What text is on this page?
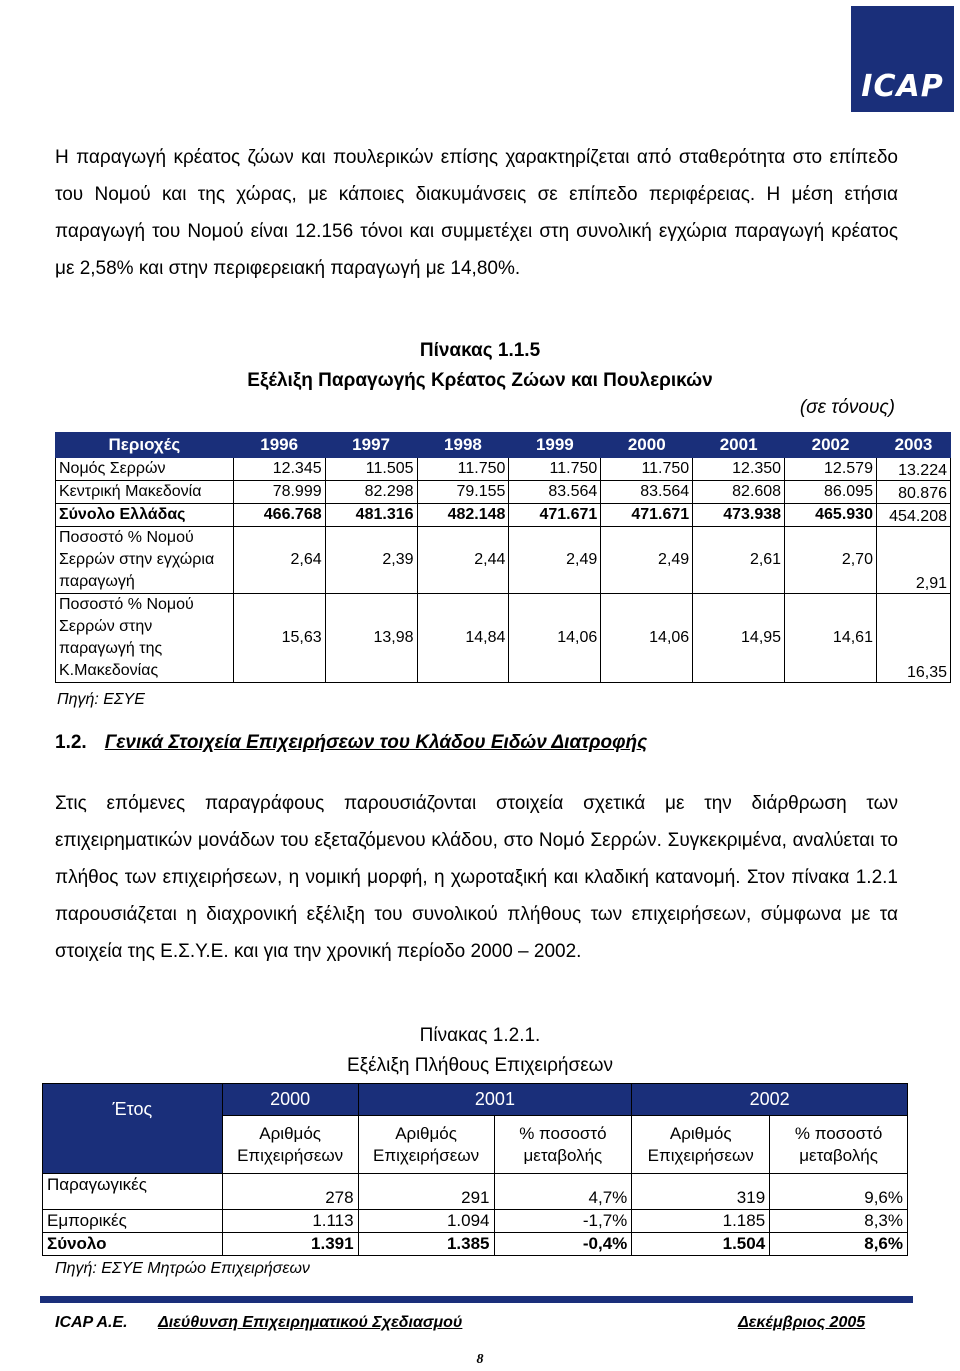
ICAP

Η παραγωγή κρέατος ζώων και πουλερικών επίσης χαρακτηρίζεται από σταθερότητα στο επίπεδο του Νομού και της χώρας, με κάποιες διακυμάνσεις σε επίπεδο περιφέρειας. Η μέση ετήσια παραγωγή του Νομού είναι 12.156 τόνοι και συμμετέχει στη συνολική εγχώρια παραγωγή κρέατος με 2,58% και στην περιφερειακή παραγωγή με 14,80%.

Πίνακας 1.1.5
Εξέλιξη Παραγωγής Κρέατος Ζώων και Πουλερικών
(σε τόνους)
Περιοχές	1996	1997	1998	1999	2000	2001	2002	2003
Νομός Σερρών	12.345	11.505	11.750	11.750	11.750	12.350	12.579	13.224
Κεντρική Μακεδονία	78.999	82.298	79.155	83.564	83.564	82.608	86.095	80.876
Σύνολο Ελλάδας	466.768	481.316	482.148	471.671	471.671	473.938	465.930	454.208
Ποσοστό % Νομού Σερρών στην εγχώρια παραγωγή	2,64	2,39	2,44	2,49	2,49	2,61	2,70	2,91
Ποσοστό % Νομού Σερρών στην παραγωγή της Κ.Μακεδονίας	15,63	13,98	14,84	14,06	14,06	14,95	14,61	16,35
Πηγή: ΕΣΥΕ
1.2. Γενικά Στοιχεία Επιχειρήσεων του Κλάδου Ειδών Διατροφής

Στις επόμενες παραγράφους παρουσιάζονται στοιχεία σχετικά με την διάρθρωση των επιχειρηματικών μονάδων του εξεταζόμενου κλάδου, στο Νομό Σερρών. Συγκεκριμένα, αναλύεται το πλήθος των επιχειρήσεων, η νομική μορφή, η χωροταξική και κλαδική κατανομή. Στον πίνακα 1.2.1 παρουσιάζεται η διαχρονική εξέλιξη του συνολικού πλήθους των επιχειρήσεων, σύμφωνα με τα στοιχεία της Ε.Σ.Υ.Ε. και για την χρονική περίοδο 2000 – 2002.

Πίνακας 1.2.1.
Εξέλιξη Πλήθους Επιχειρήσεων
Έτος	2000	2001		2002	
	Αριθμός Επιχειρήσεων	Αριθμός Επιχειρήσεων	% ποσοστό μεταβολής	Αριθμός Επιχειρήσεων	% ποσοστό μεταβολής
Παραγωγικές	278	291	4,7%	319	9,6%
Εμπορικές	1.113	1.094	-1,7%	1.185	8,3%
Σύνολο	1.391	1.385	-0,4%	1.504	8,6%
Πηγή: ΕΣΥΕ Μητρώο Επιχειρήσεων
ICAP A.E. Διεύθυνση Επιχειρηματικού Σχεδιασμού	Δεκέμβριος 2005
8
